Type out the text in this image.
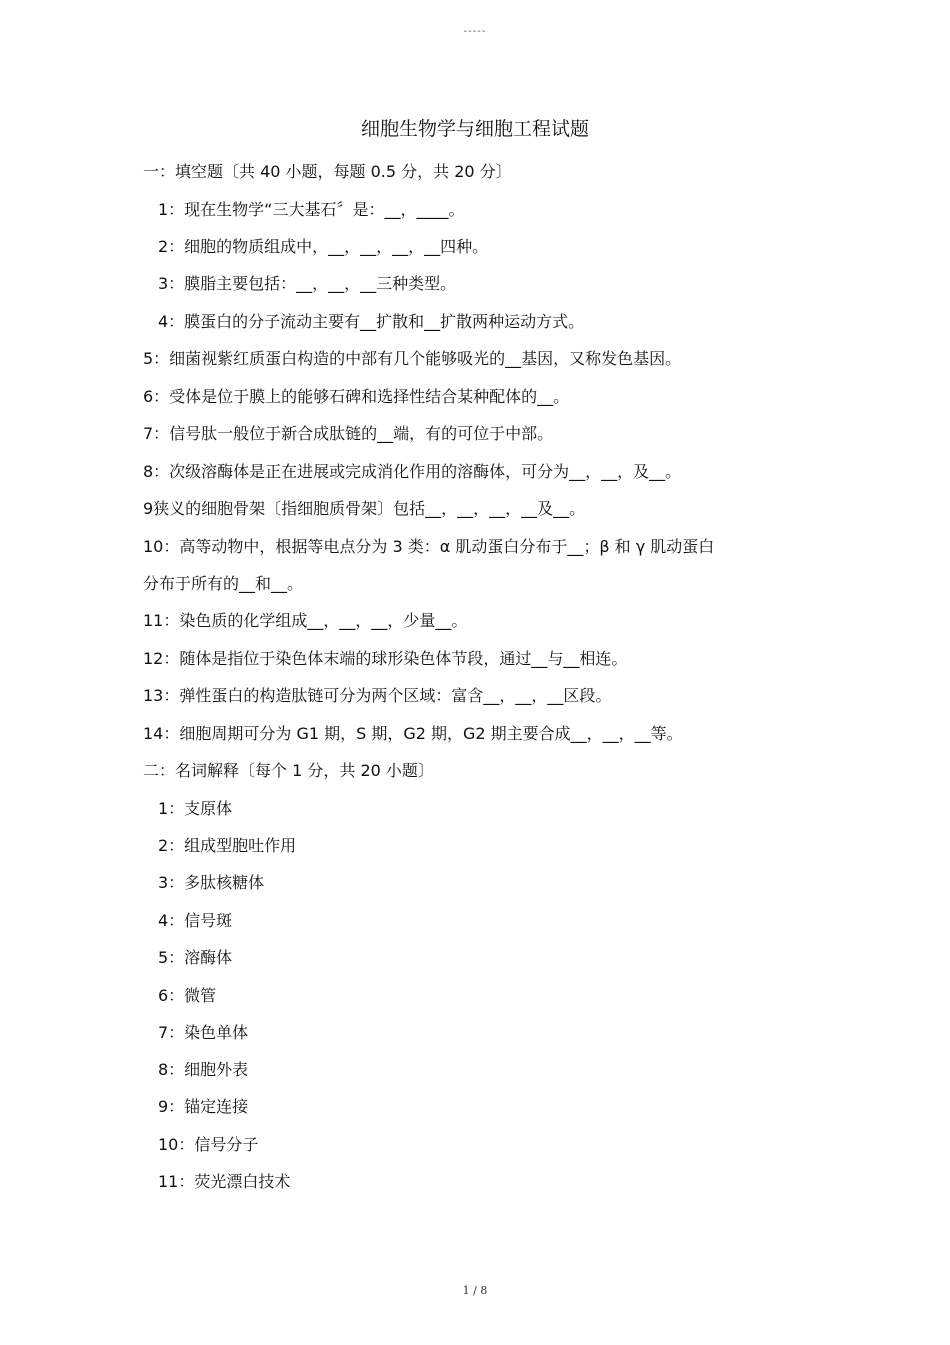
-----
细胞生物学与细胞工程试题
一：填空题〔共 40 小题，每题 0.5 分，共 20 分〕
1：现在生物学“三大基石〞是：__，____。
2：细胞的物质组成中，__，__，__，__四种。
3：膜脂主要包括：__，__，__三种类型。
4：膜蛋白的分子流动主要有__扩散和__扩散两种运动方式。
5：细菌视紫红质蛋白构造的中部有几个能够吸光的__基因，又称发色基因。
6：受体是位于膜上的能够石碑和选择性结合某种配体的__。
7：信号肽一般位于新合成肽链的__端，有的可位于中部。
8：次级溶酶体是正在进展或完成消化作用的溶酶体，可分为__，__，及__。
9狭义的细胞骨架〔指细胞质骨架〕包括__，__，__，__及__。
10：高等动物中，根据等电点分为 3 类：α 肌动蛋白分布于__；β 和 γ 肌动蛋白
分布于所有的__和__。
11：染色质的化学组成__，__，__，少量__。
12：随体是指位于染色体末端的球形染色体节段，通过__与__相连。
13：弹性蛋白的构造肽链可分为两个区域：富含__，__，__区段。
14：细胞周期可分为 G1 期，S 期，G2 期，G2 期主要合成__，__，__等。
二：名词解释〔每个 1 分，共 20 小题〕
1：支原体
2：组成型胞吐作用
3：多肽核糖体
4：信号斑
5：溶酶体
6：微管
7：染色单体
8：细胞外表
9：锚定连接
10：信号分子
11：荧光漂白技术
1 / 8
